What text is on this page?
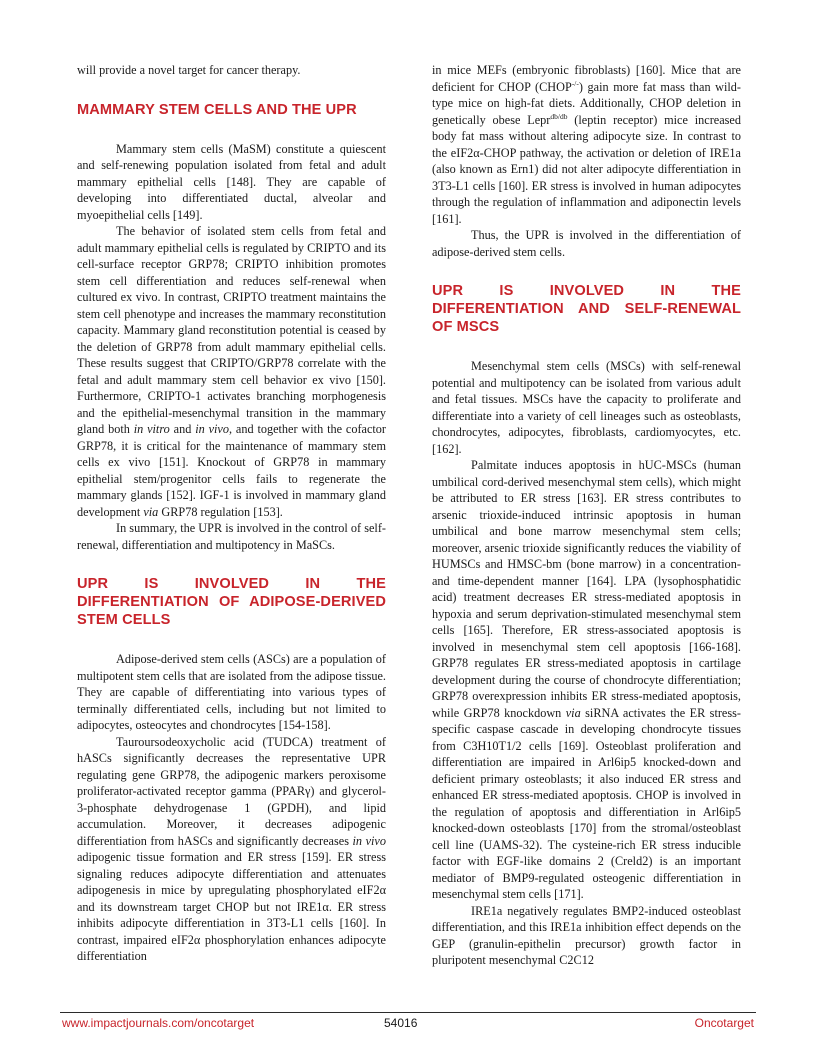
will provide a novel target for cancer therapy.

MAMMARY STEM CELLS AND THE UPR

Mammary stem cells (MaSM) constitute a quiescent and self-renewing population isolated from fetal and adult mammary epithelial cells [148]. They are capable of developing into differentiated ductal, alveolar and myoepithelial cells [149].

The behavior of isolated stem cells from fetal and adult mammary epithelial cells is regulated by CRIPTO and its cell-surface receptor GRP78; CRIPTO inhibition promotes stem cell differentiation and reduces self-renewal when cultured ex vivo. In contrast, CRIPTO treatment maintains the stem cell phenotype and increases the mammary reconstitution capacity. Mammary gland reconstitution potential is ceased by the deletion of GRP78 from adult mammary epithelial cells. These results suggest that CRIPTO/GRP78 correlate with the fetal and adult mammary stem cell behavior ex vivo [150]. Furthermore, CRIPTO-1 activates branching morphogenesis and the epithelial-mesenchymal transition in the mammary gland both in vitro and in vivo, and together with the cofactor GRP78, it is critical for the maintenance of mammary stem cells ex vivo [151]. Knockout of GRP78 in mammary epithelial stem/progenitor cells fails to regenerate the mammary glands [152]. IGF-1 is involved in mammary gland development via GRP78 regulation [153].

In summary, the UPR is involved in the control of self-renewal, differentiation and multipotency in MaSCs.

UPR IS INVOLVED IN THE DIFFERENTIATION OF ADIPOSE-DERIVED STEM CELLS

Adipose-derived stem cells (ASCs) are a population of multipotent stem cells that are isolated from the adipose tissue. They are capable of differentiating into various types of terminally differentiated cells, including but not limited to adipocytes, osteocytes and chondrocytes [154-158].

Tauroursodeoxycholic acid (TUDCA) treatment of hASCs significantly decreases the representative UPR regulating gene GRP78, the adipogenic markers peroxisome proliferator-activated receptor gamma (PPARγ) and glycerol-3-phosphate dehydrogenase 1 (GPDH), and lipid accumulation. Moreover, it decreases adipogenic differentiation from hASCs and significantly decreases in vivo adipogenic tissue formation and ER stress [159]. ER stress signaling reduces adipocyte differentiation and attenuates adipogenesis in mice by upregulating phosphorylated eIF2α and its downstream target CHOP but not IRE1α. ER stress inhibits adipocyte differentiation in 3T3-L1 cells [160]. In contrast, impaired eIF2α phosphorylation enhances adipocyte differentiation

in mice MEFs (embryonic fibroblasts) [160]. Mice that are deficient for CHOP (CHOP-/-) gain more fat mass than wild-type mice on high-fat diets. Additionally, CHOP deletion in genetically obese Lepr$^{db/db}$ (leptin receptor) mice increased body fat mass without altering adipocyte size. In contrast to the eIF2α-CHOP pathway, the activation or deletion of IRE1a (also known as Ern1) did not alter adipocyte differentiation in 3T3-L1 cells [160]. ER stress is involved in human adipocytes through the regulation of inflammation and adiponectin levels [161].

Thus, the UPR is involved in the differentiation of adipose-derived stem cells.

UPR IS INVOLVED IN THE DIFFERENTIATION AND SELF-RENEWAL OF MSCS

Mesenchymal stem cells (MSCs) with self-renewal potential and multipotency can be isolated from various adult and fetal tissues. MSCs have the capacity to proliferate and differentiate into a variety of cell lineages such as osteoblasts, chondrocytes, adipocytes, fibroblasts, cardiomyocytes, etc. [162].

Palmitate induces apoptosis in hUC-MSCs (human umbilical cord-derived mesenchymal stem cells), which might be attributed to ER stress [163]. ER stress contributes to arsenic trioxide-induced intrinsic apoptosis in human umbilical and bone marrow mesenchymal stem cells; moreover, arsenic trioxide significantly reduces the viability of HUMSCs and HMSC-bm (bone marrow) in a concentration- and time-dependent manner [164]. LPA (lysophosphatidic acid) treatment decreases ER stress-mediated apoptosis in hypoxia and serum deprivation-stimulated mesenchymal stem cells [165]. Therefore, ER stress-associated apoptosis is involved in mesenchymal stem cell apoptosis [166-168]. GRP78 regulates ER stress-mediated apoptosis in cartilage development during the course of chondrocyte differentiation; GRP78 overexpression inhibits ER stress-mediated apoptosis, while GRP78 knockdown via siRNA activates the ER stress-specific caspase cascade in developing chondrocyte tissues from C3H10T1/2 cells [169]. Osteoblast proliferation and differentiation are impaired in Arl6ip5 knocked-down and deficient primary osteoblasts; it also induced ER stress and enhanced ER stress-mediated apoptosis. CHOP is involved in the regulation of apoptosis and differentiation in Arl6ip5 knocked-down osteoblasts [170] from the stromal/osteoblast cell line (UAMS-32). The cysteine-rich ER stress inducible factor with EGF-like domains 2 (Creld2) is an important mediator of BMP9-regulated osteogenic differentiation in mesenchymal stem cells [171].

IRE1a negatively regulates BMP2-induced osteoblast differentiation, and this IRE1a inhibition effect depends on the GEP (granulin-epithelin precursor) growth factor in pluripotent mesenchymal C2C12

www.impactjournals.com/oncotarget	54016	Oncotarget
